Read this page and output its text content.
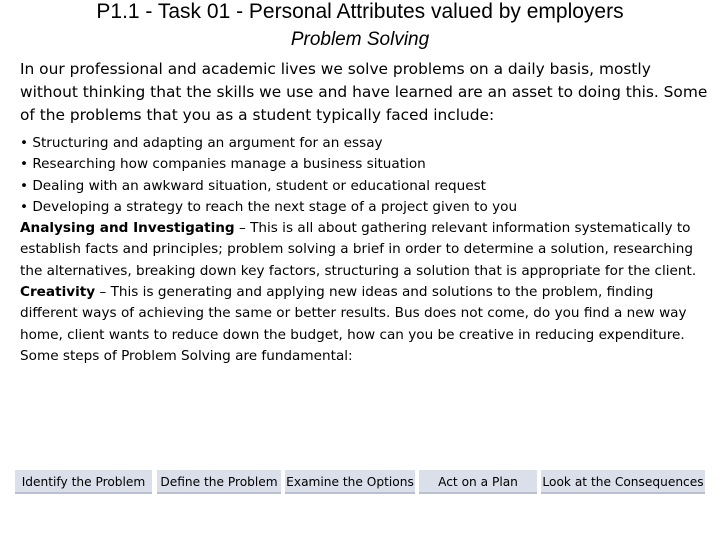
P1.1 - Task 01 - Personal Attributes valued by employers
Problem Solving

In our professional and academic lives we solve problems on a daily basis, mostly without thinking that the skills we use and have learned are an asset to doing this. Some of the problems that you as a student typically faced include:

• Structuring and adapting an argument for an essay

• Researching how companies manage a business situation

• Dealing with an awkward situation, student or educational request

• Developing a strategy to reach the next stage of a project given to you

Analysing and Investigating – This is all about gathering relevant information systematically to establish facts and principles; problem solving a brief in order to determine a solution, researching the alternatives, breaking down key factors, structuring a solution that is appropriate for the client.

Creativity – This is generating and applying new ideas and solutions to the problem, finding different ways of achieving the same or better results. Bus does not come, do you find a new way home, client wants to reduce down the budget, how can you be creative in reducing expenditure.

Some steps of Problem Solving are fundamental:

Identify the Problem	Define the Problem Examine the Options	Act on a Plan	Look at the Consequences
